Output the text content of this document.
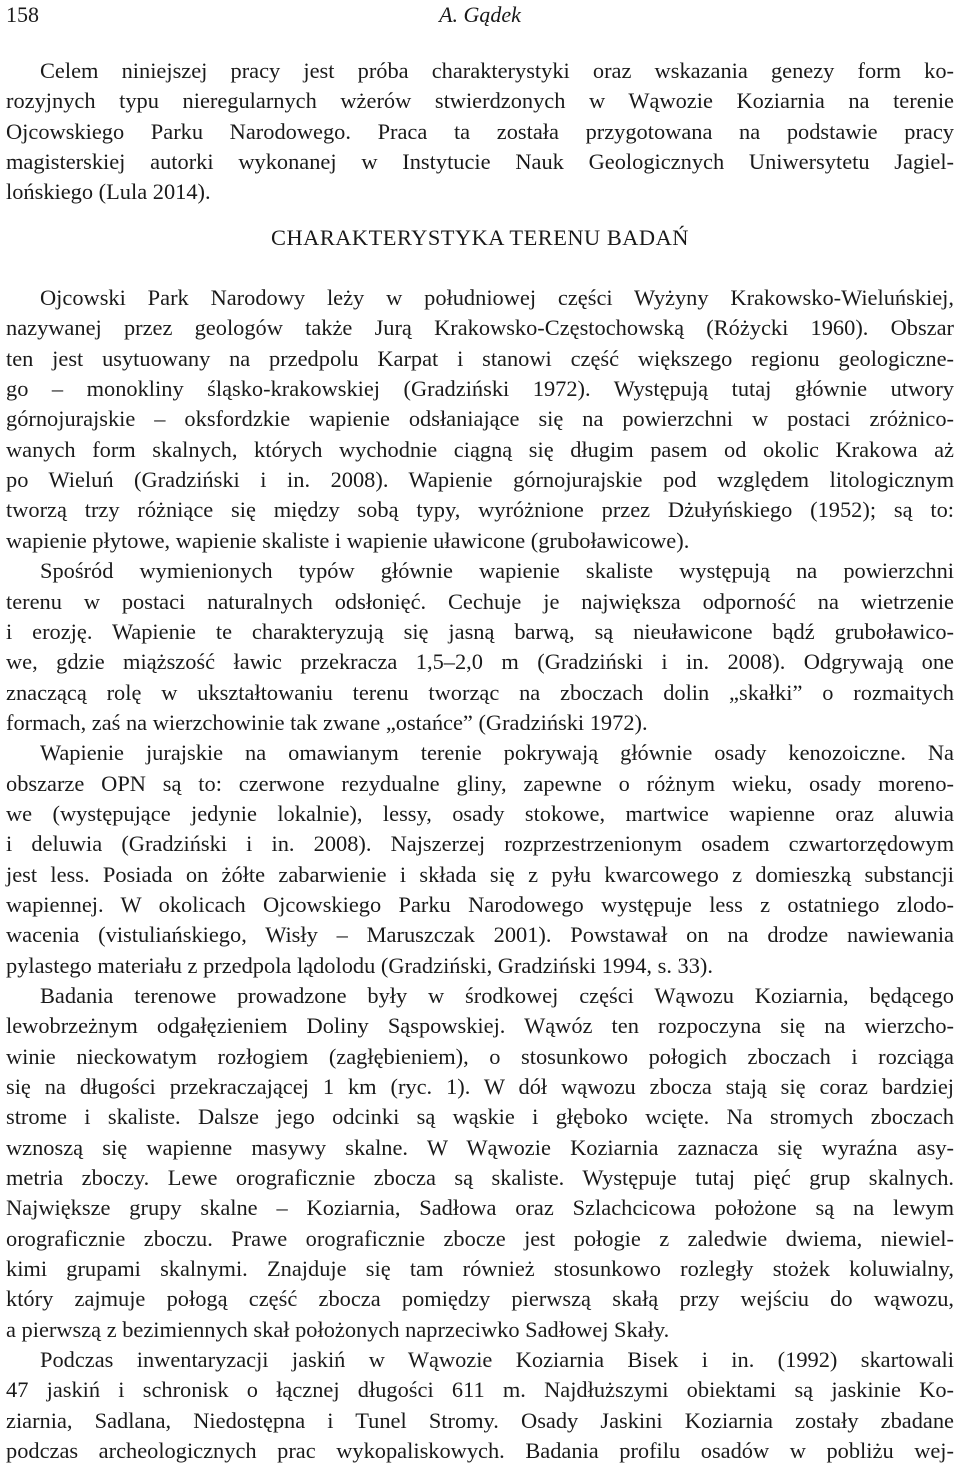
158	A. Gądek
Celem niniejszej pracy jest próba charakterystyki oraz wskazania genezy form ko-
rozyjnych typu nieregularnych wżerów stwierdzonych w Wąwozie Koziarnia na terenie
Ojcowskiego Parku Narodowego. Praca ta została przygotowana na podstawie pracy
magisterskiej autorki wykonanej w Instytucie Nauk Geologicznych Uniwersytetu Jagiel-
lońskiego (Lula 2014).
CHARAKTERYSTYKA TERENU BADAŃ
Ojcowski Park Narodowy leży w południowej części Wyżyny Krakowsko-Wieluńskiej,
nazywanej przez geologów także Jurą Krakowsko-Częstochowską (Różycki 1960). Obszar
ten jest usytuowany na przedpolu Karpat i stanowi część większego regionu geologiczne-
go – monokliny śląsko-krakowskiej (Gradziński 1972). Występują tutaj głównie utwory
górnojurajskie – oksfordzkie wapienie odsłaniające się na powierzchni w postaci zróżnico-
wanych form skalnych, których wychodnie ciągną się długim pasem od okolic Krakowa aż
po Wieluń (Gradziński i in. 2008). Wapienie górnojurajskie pod względem litologicznym
tworzą trzy różniące się między sobą typy, wyróżnione przez Dżułyńskiego (1952); są to:
wapienie płytowe, wapienie skaliste i wapienie uławicone (gruboławicowe).
Spośród wymienionych typów głównie wapienie skaliste występują na powierzchni
terenu w postaci naturalnych odsłonięć. Cechuje je największa odporność na wietrzenie
i erozję. Wapienie te charakteryzują się jasną barwą, są nieuławicone bądź gruboławico-
we, gdzie miąższość ławic przekracza 1,5–2,0 m (Gradziński i in. 2008). Odgrywają one
znaczącą rolę w ukształtowaniu terenu tworząc na zboczach dolin „skałki” o rozmaitych
formach, zaś na wierzchowinie tak zwane „ostańce” (Gradziński 1972).
Wapienie jurajskie na omawianym terenie pokrywają głównie osady kenozoiczne. Na
obszarze OPN są to: czerwone rezydualne gliny, zapewne o różnym wieku, osady moreno-
we (występujące jedynie lokalnie), lessy, osady stokowe, martwice wapienne oraz aluwia
i deluwia (Gradziński i in. 2008). Najszerzej rozprzestrzenionym osadem czwartorzędowym
jest less. Posiada on żółte zabarwienie i składa się z pyłu kwarcowego z domieszką substancji
wapiennej. W okolicach Ojcowskiego Parku Narodowego występuje less z ostatniego zlodo-
wacenia (vistuliańskiego, Wisły – Maruszczak 2001). Powstawał on na drodze nawiewania
pylastego materiału z przedpola lądolodu (Gradziński, Gradziński 1994, s. 33).
Badania terenowe prowadzone były w środkowej części Wąwozu Koziarnia, będącego
lewobrzeżnym odgałęzieniem Doliny Sąspowskiej. Wąwóz ten rozpoczyna się na wierzcho-
winie nieckowatym rozłogiem (zagłębieniem), o stosunkowo połogich zboczach i rozciąga
się na długości przekraczającej 1 km (ryc. 1). W dół wąwozu zbocza stają się coraz bardziej
strome i skaliste. Dalsze jego odcinki są wąskie i głęboko wcięte. Na stromych zboczach
wznoszą się wapienne masywy skalne. W Wąwozie Koziarnia zaznacza się wyraźna asy-
metria zboczy. Lewe orograficznie zbocza są skaliste. Występuje tutaj pięć grup skalnych.
Największe grupy skalne – Koziarnia, Sadłowa oraz Szlachcicowa położone są na lewym
orograficznie zboczu. Prawe orograficznie zbocze jest połogie z zaledwie dwiema, niewiel-
kimi grupami skalnymi. Znajduje się tam również stosunkowo rozległy stożek koluwialny,
który zajmuje połogą część zbocza pomiędzy pierwszą skałą przy wejściu do wąwozu,
a pierwszą z bezimiennych skał położonych naprzeciwko Sadłowej Skały.
Podczas inwentaryzacji jaskiń w Wąwozie Koziarnia Bisek i in. (1992) skartowali
47 jaskiń i schronisk o łącznej długości 611 m. Najdłuższymi obiektami są jaskinie Ko-
ziarnia, Sadlana, Niedostępna i Tunel Stromy. Osady Jaskini Koziarnia zostały zbadane
podczas archeologicznych prac wykopaliskowych. Badania profilu osadów w pobliżu wej-
